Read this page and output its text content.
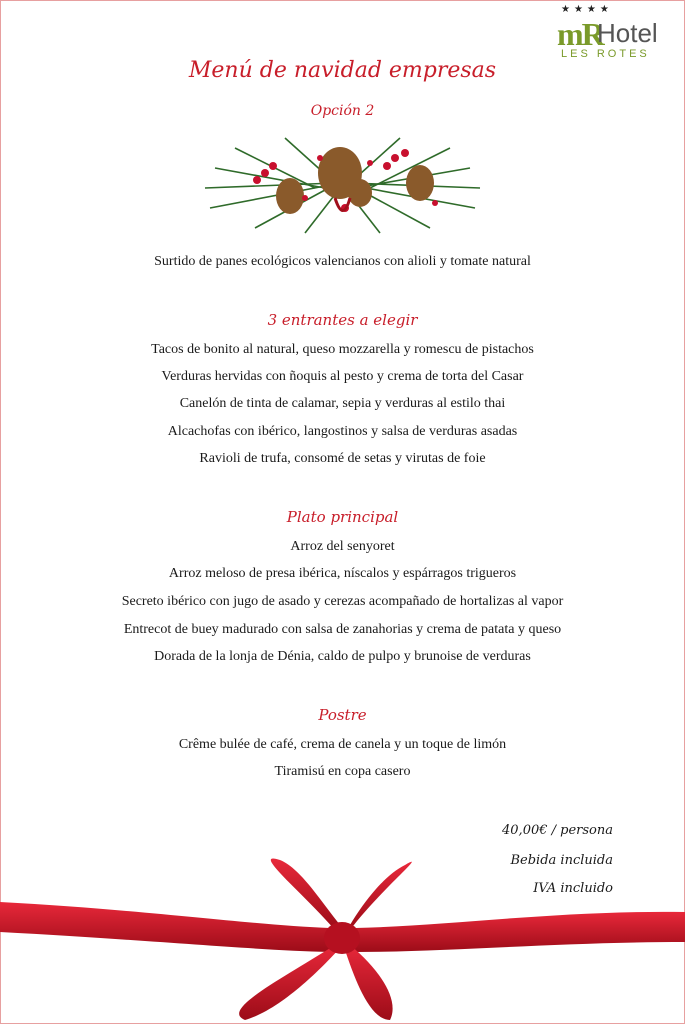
★★★★
mR
Hotel
LES ROTES
Menú de navidad empresas
Opción 2
Surtido de panes ecológicos valencianos con alioli y tomate natural
3 entrantes a elegir
Tacos de bonito al natural, queso mozzarella y romescu de pistachos
Verduras hervidas con ñoquis al pesto y crema de torta del Casar
Canelón de tinta de calamar, sepia y verduras al estilo thai
Alcachofas con ibérico, langostinos y salsa de verduras asadas
Ravioli de trufa, consomé de setas y virutas de foie
Plato principal
Arroz del senyoret
Arroz meloso de presa ibérica, níscalos y espárragos trigueros
Secreto ibérico con jugo de asado y cerezas acompañado de hortalizas al vapor
Entrecot de buey madurado con salsa de zanahorias y crema de patata y queso
Dorada de la lonja de Dénia, caldo de pulpo y brunoise de verduras
Postre
Crême bulée de café, crema de canela y un toque de limón
Tiramisú en copa casero
40,00€ / persona
Bebida incluida
IVA incluido
